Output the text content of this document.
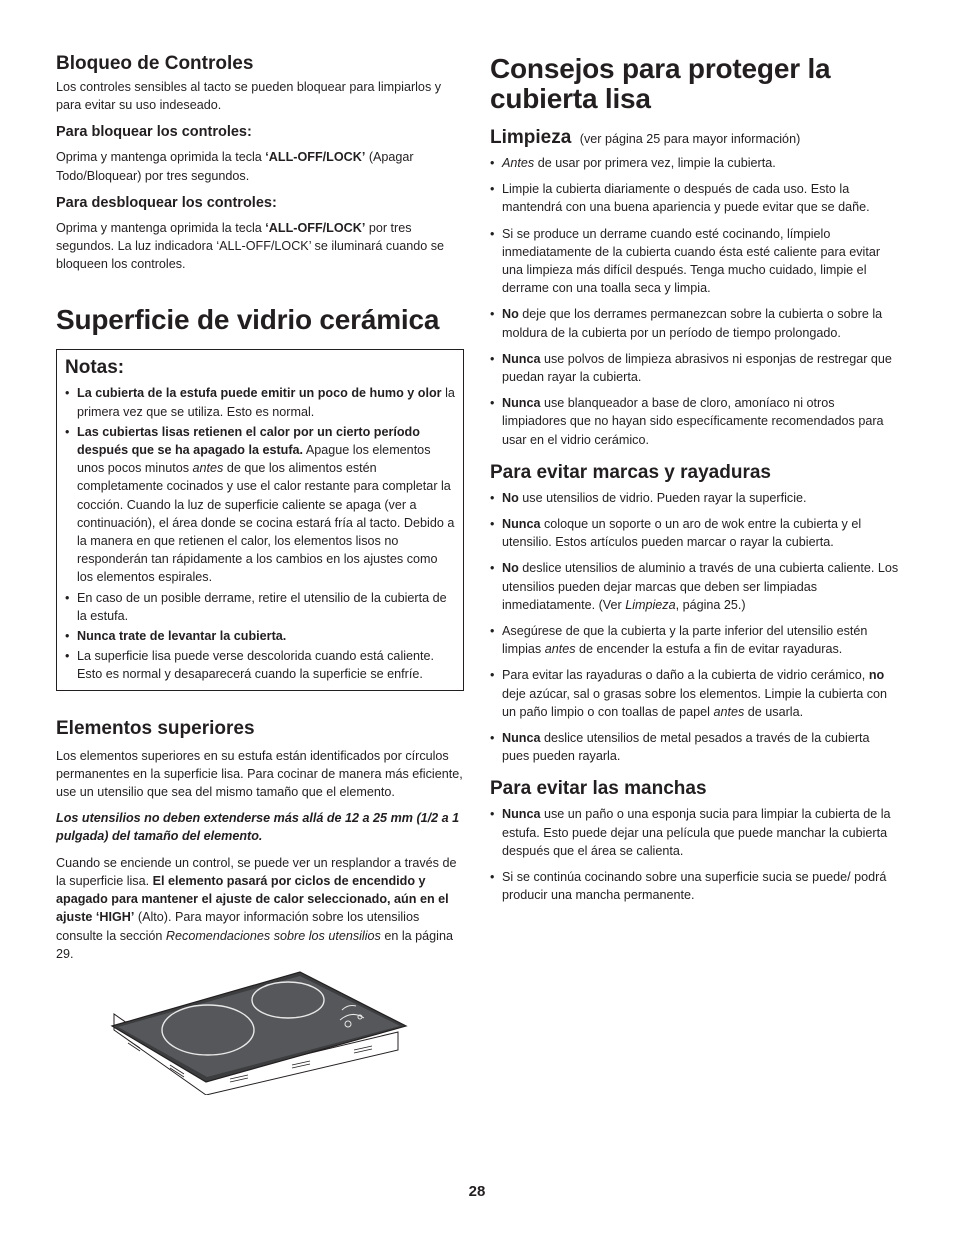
Bloqueo de Controles

Los controles sensibles al tacto se pueden bloquear para limpiarlos y para evitar su uso indeseado.

Para bloquear los controles:

Oprima y mantenga oprimida la tecla ‘ALL-OFF/LOCK’ (Apagar Todo/Bloquear) por tres segundos.

Para desbloquear los controles:

Oprima y mantenga oprimida la tecla ‘ALL-OFF/LOCK’ por tres segundos. La luz indicadora ‘ALL-OFF/LOCK’ se iluminará cuando se bloqueen los controles.

Superficie de vidrio cerámica
Notas:
• La cubierta de la estufa puede emitir un poco de humo y olor la primera vez que se utiliza. Esto es normal.
• Las cubiertas lisas retienen el calor por un cierto período después que se ha apagado la estufa. Apague los elementos unos pocos minutos antes de que los alimentos estén completamente cocinados y use el calor restante para completar la cocción. Cuando la luz de superficie caliente se apaga (ver a continuación), el área donde se cocina estará fría al tacto. Debido a la manera en que retienen el calor, los elementos lisos no responderán tan rápidamente a los cambios en los ajustes como los elementos espirales.
• En caso de un posible derrame, retire el utensilio de la cubierta de la estufa.
• Nunca trate de levantar la cubierta.
• La superficie lisa puede verse descolorida cuando está caliente. Esto es normal y desaparecerá cuando la superficie se enfríe.
Elementos superiores

Los elementos superiores en su estufa están identificados por círculos permanentes en la superficie lisa. Para cocinar de manera más eficiente, use un utensilio que sea del mismo tamaño que el elemento.

Los utensilios no deben extenderse más allá de 12 a 25 mm (1/2 a 1 pulgada) del tamaño del elemento.

Cuando se enciende un control, se puede ver un resplandor a través de la superficie lisa. El elemento pasará por ciclos de encendido y apagado para mantener el ajuste de calor seleccionado, aún en el ajuste ‘HIGH’ (Alto). Para mayor información sobre los utensilios consulte la sección Recomendaciones sobre los utensilios en la página 29.

Consejos para proteger la cubierta lisa
Limpieza (ver página 25 para mayor información)
• Antes de usar por primera vez, limpie la cubierta.
• Limpie la cubierta diariamente o después de cada uso. Esto la mantendrá con una buena apariencia y puede evitar que se dañe.
• Si se produce un derrame cuando esté cocinando, límpielo inmediatamente de la cubierta cuando ésta esté caliente para evitar una limpieza más difícil después. Tenga mucho cuidado, limpie el derrame con una toalla seca y limpia.
• No deje que los derrames permanezcan sobre la cubierta o sobre la moldura de la cubierta por un período de tiempo prolongado.
• Nunca use polvos de limpieza abrasivos ni esponjas de restregar que puedan rayar la cubierta.
• Nunca use blanqueador a base de cloro, amoníaco ni otros limpiadores que no hayan sido específicamente recomendados para usar en el vidrio cerámico.
Para evitar marcas y rayaduras
• No use utensilios de vidrio. Pueden rayar la superficie.
• Nunca coloque un soporte o un aro de wok entre la cubierta y el utensilio. Estos artículos pueden marcar o rayar la cubierta.
• No deslice utensilios de aluminio a través de una cubierta caliente. Los utensilios pueden dejar marcas que deben ser limpiadas inmediatamente. (Ver Limpieza, página 25.)
• Asegúrese de que la cubierta y la parte inferior del utensilio estén limpias antes de encender la estufa a fin de evitar rayaduras.
• Para evitar las rayaduras o daño a la cubierta de vidrio cerámico, no deje azúcar, sal o grasas sobre los elementos. Limpie la cubierta con un paño limpio o con toallas de papel antes de usarla.
• Nunca deslice utensilios de metal pesados a través de la cubierta pues pueden rayarla.
Para evitar las manchas
• Nunca use un paño o una esponja sucia para limpiar la cubierta de la estufa. Esto puede dejar una película que puede manchar la cubierta después que el área se calienta.
• Si se continúa cocinando sobre una superficie sucia se puede/ podrá producir una mancha permanente.
28
